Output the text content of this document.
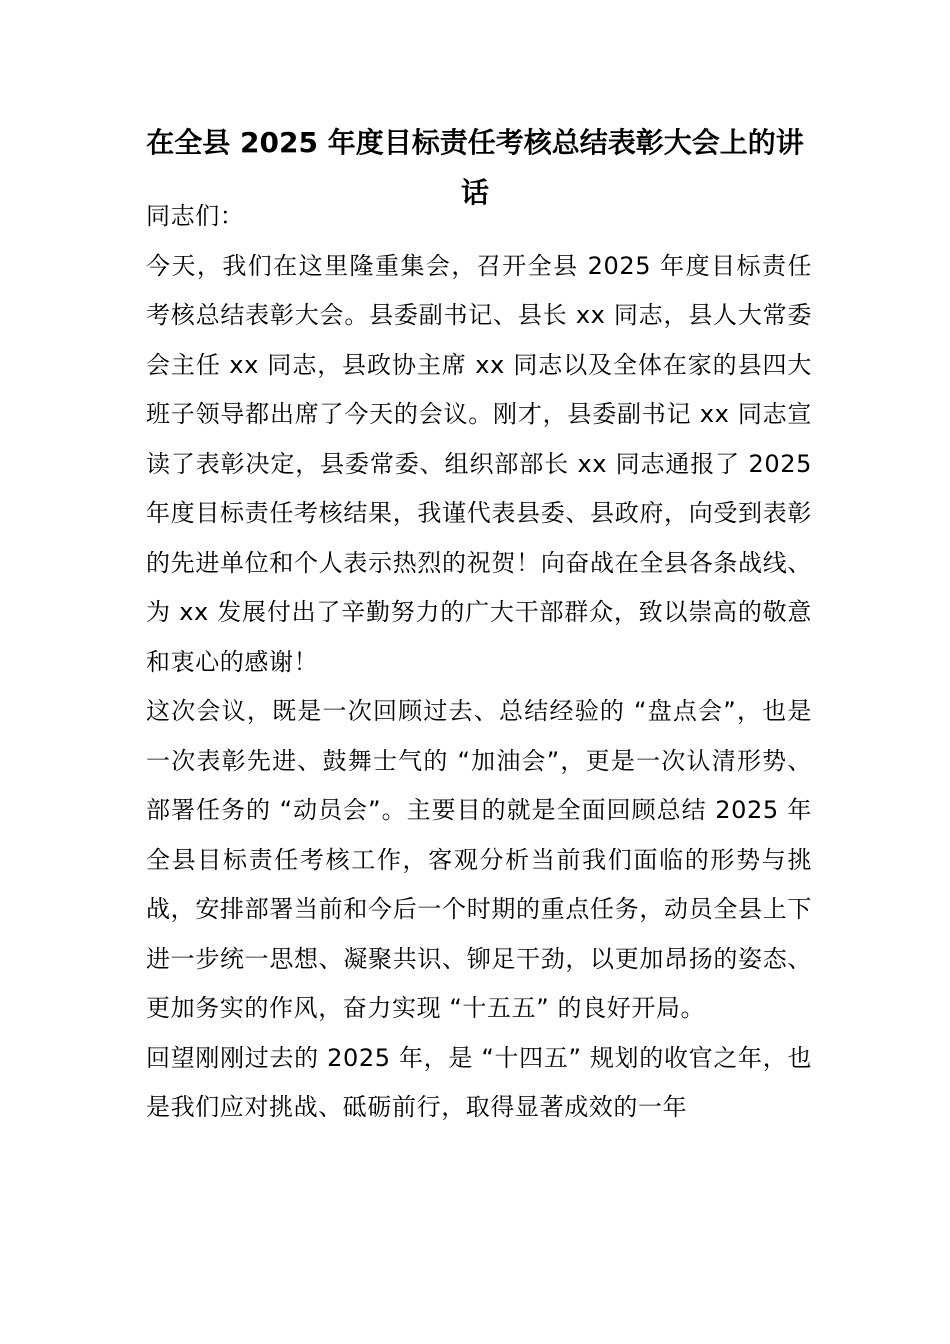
在全县 2025 年度目标责任考核总结表彰大会上的讲话

同志们：

今天，我们在这里隆重集会，召开全县 2025 年度目标责任考核总结表彰大会。县委副书记、县长 xx 同志，县人大常委会主任 xx 同志，县政协主席 xx 同志以及全体在家的县四大班子领导都出席了今天的会议。刚才，县委副书记 xx 同志宣读了表彰决定，县委常委、组织部部长 xx 同志通报了 2025 年度目标责任考核结果，我谨代表县委、县政府，向受到表彰的先进单位和个人表示热烈的祝贺！向奋战在全县各条战线、为 xx 发展付出了辛勤努力的广大干部群众，致以崇高的敬意和衷心的感谢！

这次会议，既是一次回顾过去、总结经验的 “盘点会”，也是一次表彰先进、鼓舞士气的 “加油会”，更是一次认清形势、部署任务的 “动员会”。主要目的就是全面回顾总结 2025 年全县目标责任考核工作，客观分析当前我们面临的形势与挑战，安排部署当前和今后一个时期的重点任务，动员全县上下进一步统一思想、凝聚共识、铆足干劲，以更加昂扬的姿态、更加务实的作风，奋力实现 “十五五” 的良好开局。

回望刚刚过去的 2025 年，是 “十四五” 规划的收官之年，也是我们应对挑战、砥砺前行，取得显著成效的一年
